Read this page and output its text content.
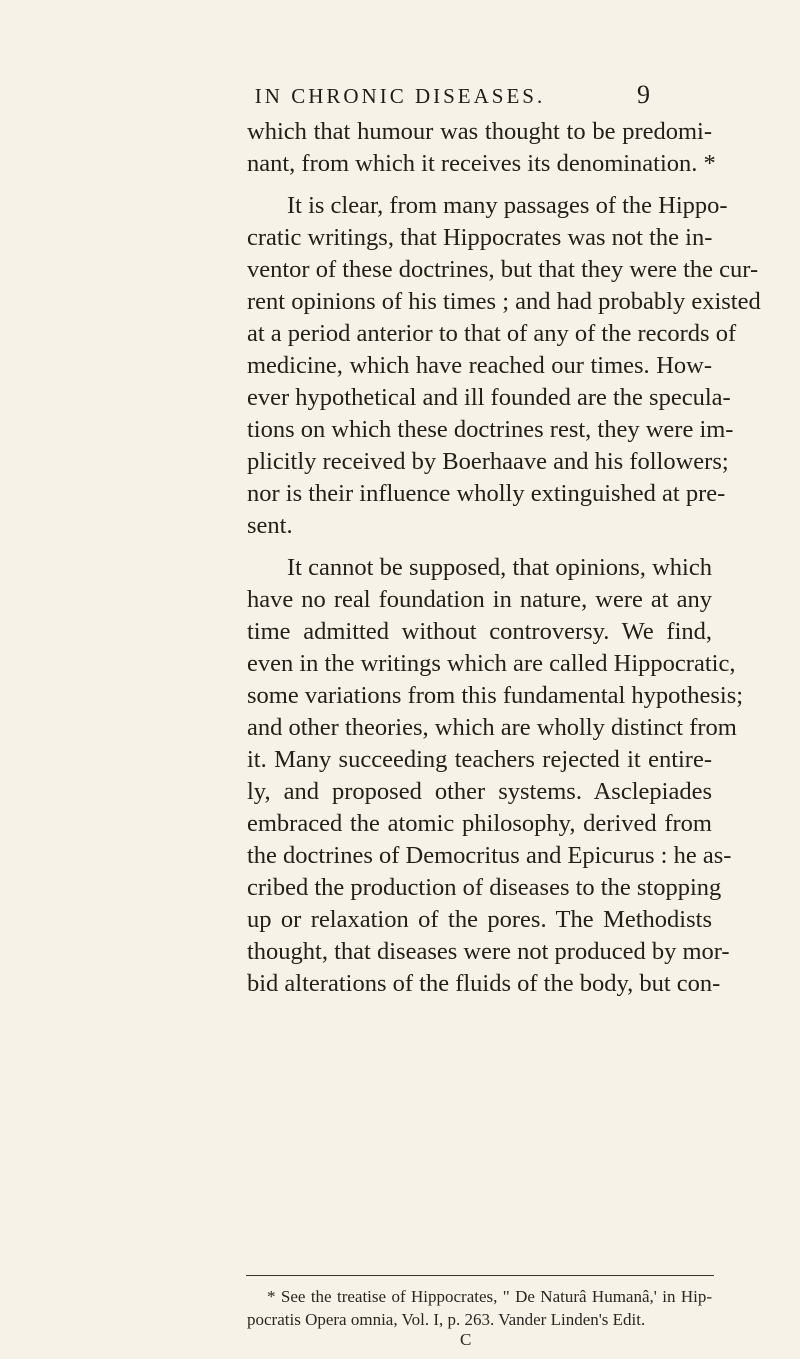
IN CHRONIC DISEASES.	9
which that humour was thought to be predomi-
nant, from which it receives its denomination. *
It is clear, from many passages of the Hippo-
cratic writings, that Hippocrates was not the in-
ventor of these doctrines, but that they were the cur-
rent opinions of his times ; and had probably existed
at a period anterior to that of any of the records of
medicine, which have reached our times. How-
ever hypothetical and ill founded are the specula-
tions on which these doctrines rest, they were im-
plicitly received by Boerhaave and his followers;
nor is their influence wholly extinguished at pre-
sent.
It cannot be supposed, that opinions, which
have no real foundation in nature, were at any
time admitted without controversy. We find,
even in the writings which are called Hippocratic,
some variations from this fundamental hypothesis;
and other theories, which are wholly distinct from
it. Many succeeding teachers rejected it entire-
ly, and proposed other systems. Asclepiades
embraced the atomic philosophy, derived from
the doctrines of Democritus and Epicurus : he as-
cribed the production of diseases to the stopping
up or relaxation of the pores. The Methodists
thought, that diseases were not produced by mor-
bid alterations of the fluids of the body, but con-
* See the treatise of Hippocrates, " De Naturâ Humanâ,' in Hip-
pocratis Opera omnia, Vol. I, p. 263. Vander Linden's Edit.
C
